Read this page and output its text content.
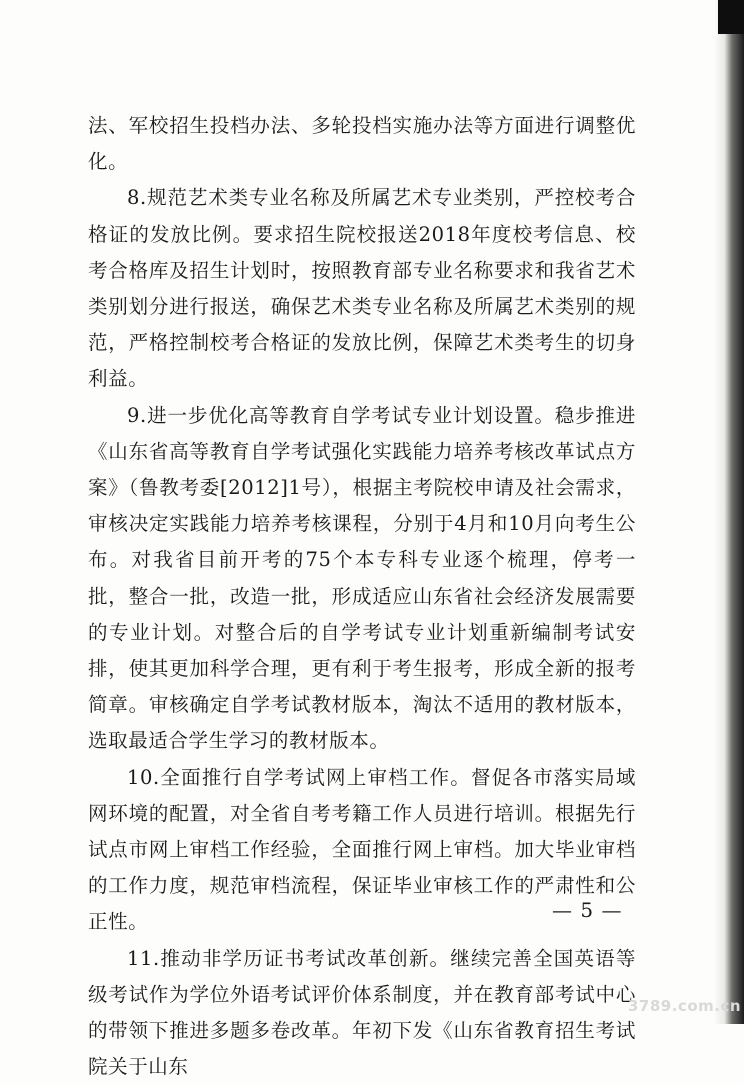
法、军校招生投档办法、多轮投档实施办法等方面进行调整优化。

8.规范艺术类专业名称及所属艺术专业类别，严控校考合格证的发放比例。要求招生院校报送2018年度校考信息、校考合格库及招生计划时，按照教育部专业名称要求和我省艺术类别划分进行报送，确保艺术类专业名称及所属艺术类别的规范，严格控制校考合格证的发放比例，保障艺术类考生的切身利益。

9.进一步优化高等教育自学考试专业计划设置。稳步推进《山东省高等教育自学考试强化实践能力培养考核改革试点方案》（鲁教考委[2012]1号），根据主考院校申请及社会需求，审核决定实践能力培养考核课程，分别于4月和10月向考生公布。对我省目前开考的75个本专科专业逐个梳理，停考一批，整合一批，改造一批，形成适应山东省社会经济发展需要的专业计划。对整合后的自学考试专业计划重新编制考试安排，使其更加科学合理，更有利于考生报考，形成全新的报考简章。审核确定自学考试教材版本，淘汰不适用的教材版本，选取最适合学生学习的教材版本。

10.全面推行自学考试网上审档工作。督促各市落实局域网环境的配置，对全省自考考籍工作人员进行培训。根据先行试点市网上审档工作经验，全面推行网上审档。加大毕业审档的工作力度，规范审档流程，保证毕业审核工作的严肃性和公正性。

11.推动非学历证书考试改革创新。继续完善全国英语等级考试作为学位外语考试评价体系制度，并在教育部考试中心的带领下推进多题多卷改革。年初下发《山东省教育招生考试院关于山东

— 5 —
3789.com.cn
